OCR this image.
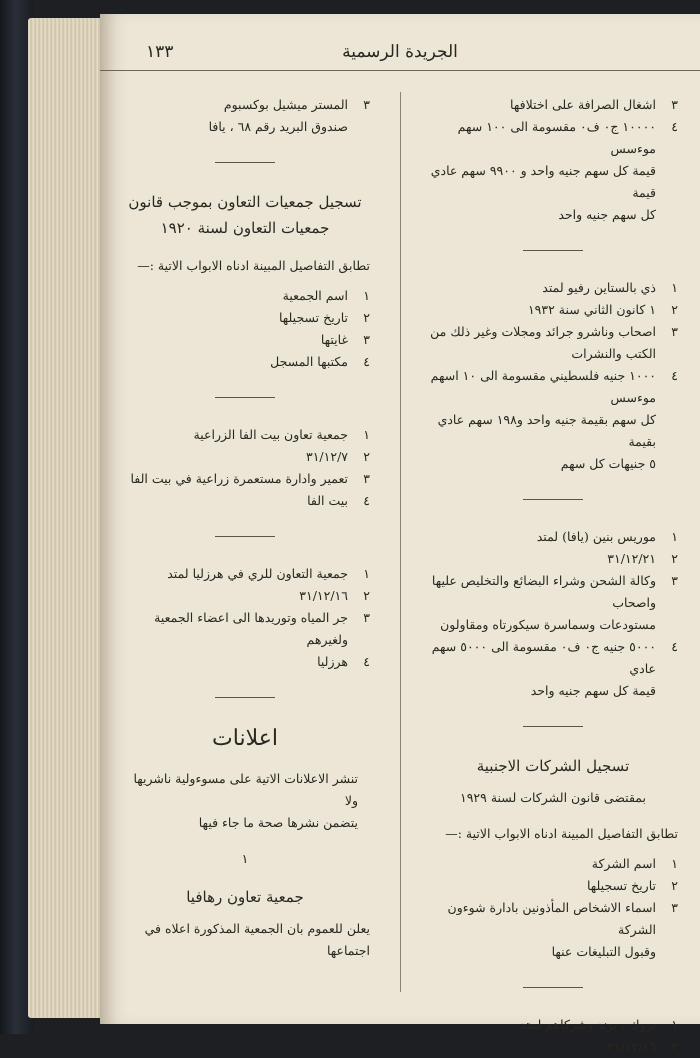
الجريدة الرسمية
١٣٣
٣
اشغال الصرافة على اختلافها
٤
١٠٠٠٠ ج٠ ف٠ مقسومة الى ١٠٠ سهم موءسس
قيمة كل سهم جنيه واحد و ٩٩٠٠ سهم عادي قيمة
كل سهم جنيه واحد
١
ذي بالستاين رفيو لمتد
٢
١ كانون الثاني سنة ١٩٣٢
٣
اصحاب وناشرو جرائد ومجلات وغير ذلك من
الكتب والنشرات
٤
١٠٠٠ جنيه فلسطيني مقسومة الى ١٠ اسهم موءسس
كل سهم بقيمة جنيه واحد و١٩٨ سهم عادي بقيمة
٥ جنيهات كل سهم
١
موريس بنين (يافا) لمتد
٢
٣١/١٢/٢١
٣
وكالة الشحن وشراء البضائع والتخليص عليها واصحاب
مستودعات وسماسرة سيكورتاه ومقاولون
٤
٥٠٠٠ جنيه ج٠ ف٠ مقسومة الى ٥٠٠٠ سهم عادي
قيمة كل سهم جنيه واحد
تسجيل الشركات الاجنبية
بمقتضى قانون الشركات لسنة ١٩٢٩
تطابق التفاصيل المبينة ادناه الابواب الاتية :—
١
اسم الشركة
٢
تاريخ تسجيلها
٣
اسماء الاشخاص المأذونين بادارة شوءون الشركة
وقبول التبليغات عنها
١
بروك ، بوند وشركاهم لمتد
٢
٣١/١٢/١٦
٣
المستر ميشيل بوكسبوم
صندوق البريد رقم ٦٨ ، يافا
تسجيل جمعيات التعاون بموجب قانون
جمعيات التعاون لسنة ١٩٢٠
تطابق التفاصيل المبينة ادناه الابواب الاتية :—
١
اسم الجمعية
٢
تاريخ تسجيلها
٣
غايتها
٤
مكتبها المسجل
١
جمعية تعاون بيت الفا الزراعية
٢
٣١/١٢/٧
٣
تعمير وادارة مستعمرة زراعية في بيت الفا
٤
بيت الفا
١
جمعية التعاون للري في هرزليا لمتد
٢
٣١/١٢/١٦
٣
جر المياه وتوريدها الى اعضاء الجمعية ولغيرهم
٤
هرزليا
اعلانات
تنشر الاعلانات الاتية على مسوءولية ناشريها ولا
يتضمن نشرها صحة ما جاء فيها
١
جمعية تعاون رهافيا
يعلن للعموم بان الجمعية المذكورة اعلاه في اجتماعها
